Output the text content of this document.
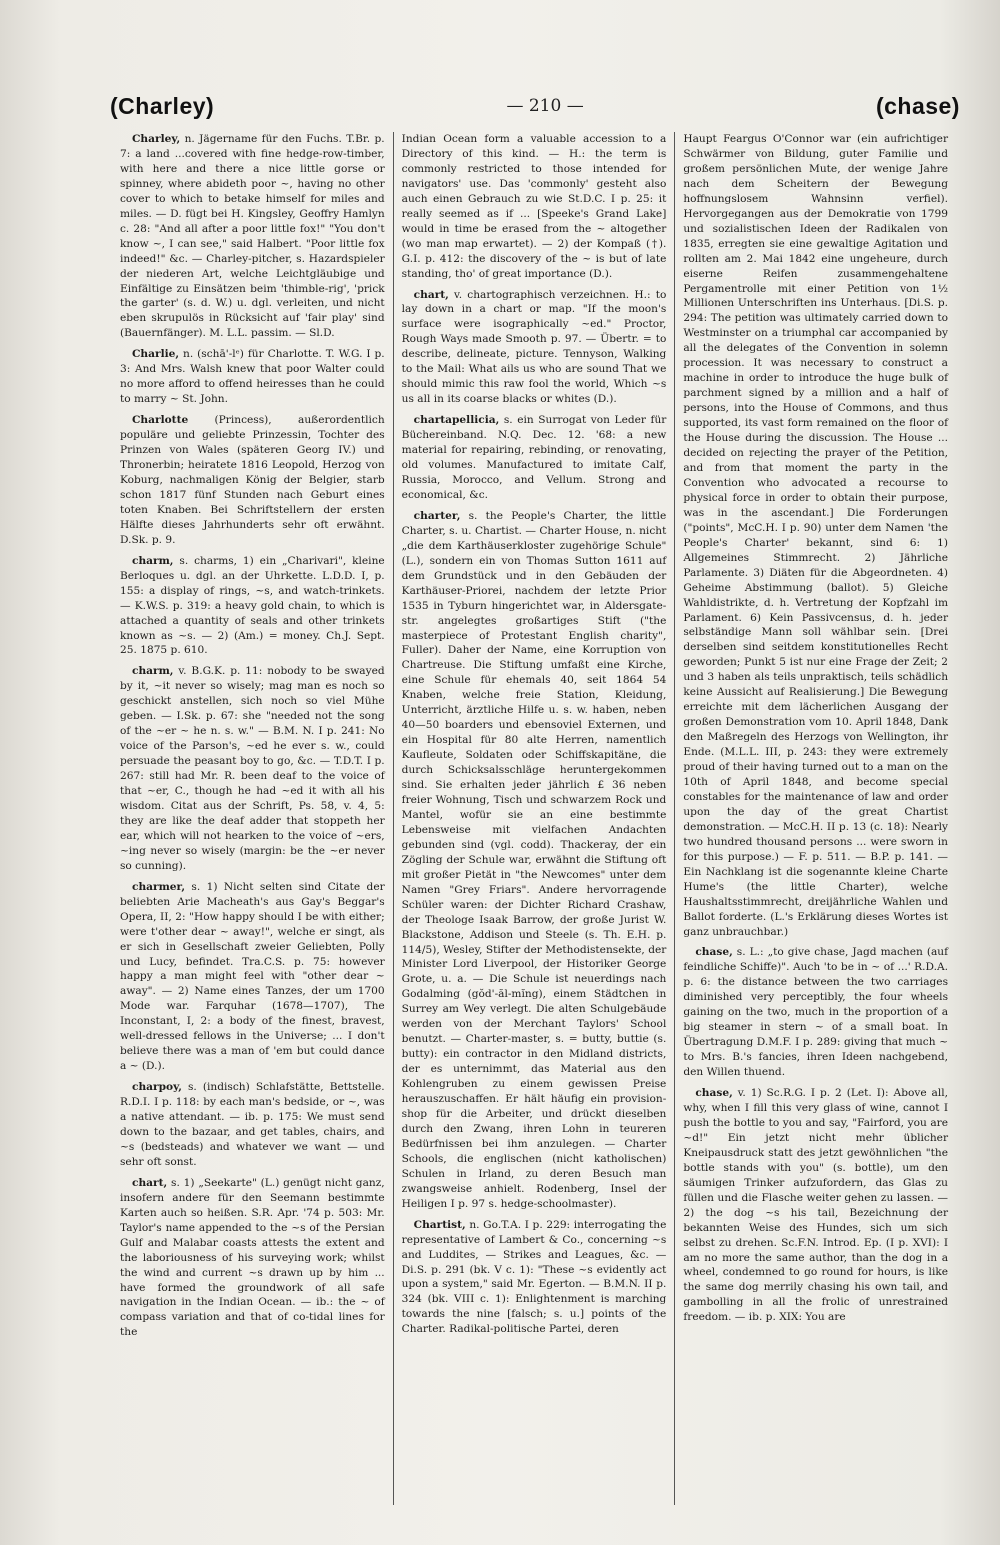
(Charley)	— 210 —	(chase)

Charley, n. Jägername für den Fuchs. T.Br. p. 7: a land ...covered with fine hedge-row-timber, with here and there a nice little gorse or spinney, where abideth poor ~, having no other cover to which to betake himself for miles and miles. — D. fügt bei H. Kingsley, Geoffry Hamlyn c. 28: "And all after a poor little fox!" "You don't know ~, I can see," said Halbert. "Poor little fox indeed!" &c. — Charley-pitcher, s. Hazardspieler der niederen Art, welche Leichtgläubige und Einfältige zu Einsätzen beim 'thimble-rig', 'prick the garter' (s. d. W.) u. dgl. verleiten, und nicht eben skrupulös in Rücksicht auf 'fair play' sind (Bauernfänger). M. L.L. passim. — Sl.D.

Charlie, n. (schā'-lᵉ) für Charlotte. T. W.G. I p. 3: And Mrs. Walsh knew that poor Walter could no more afford to offend heiresses than he could to marry ~ St. John.

Charlotte (Princess), außerordentlich populäre und geliebte Prinzessin, Tochter des Prinzen von Wales (späteren Georg IV.) und Thronerbin; heiratete 1816 Leopold, Herzog von Koburg, nachmaligen König der Belgier, starb schon 1817 fünf Stunden nach Geburt eines toten Knaben. Bei Schriftstellern der ersten Hälfte dieses Jahrhunderts sehr oft erwähnt. D.Sk. p. 9.

charm, s. charms, 1) ein „Charivari", kleine Berloques u. dgl. an der Uhrkette. L.D.D. I, p. 155: a display of rings, ~s, and watch-trinkets. — K.W.S. p. 319: a heavy gold chain, to which is attached a quantity of seals and other trinkets known as ~s. — 2) (Am.) = money. Ch.J. Sept. 25. 1875 p. 610.

charm, v. B.G.K. p. 11: nobody to be swayed by it, ~it never so wisely; mag man es noch so geschickt anstellen, sich noch so viel Mühe geben. — I.Sk. p. 67: she "needed not the song of the ~er ~ he n. s. w." — B.M. N. I p. 241: No voice of the Parson's, ~ed he ever s. w., could persuade the peasant boy to go, &c. — T.D.T. I p. 267: still had Mr. R. been deaf to the voice of that ~er, C., though he had ~ed it with all his wisdom. Citat aus der Schrift, Ps. 58, v. 4, 5: they are like the deaf adder that stoppeth her ear, which will not hearken to the voice of ~ers, ~ing never so wisely (margin: be the ~er never so cunning).

charmer, s. 1) Nicht selten sind Citate der beliebten Arie Macheath's aus Gay's Beggar's Opera, II, 2: "How happy should I be with either; were t'other dear ~ away!", welche er singt, als er sich in Gesellschaft zweier Geliebten, Polly und Lucy, befindet. Tra.C.S. p. 75: however happy a man might feel with "other dear ~ away". — 2) Name eines Tanzes, der um 1700 Mode war. Farquhar (1678—1707), The Inconstant, I, 2: a body of the finest, bravest, well-dressed fellows in the Universe; ... I don't believe there was a man of 'em but could dance a ~ (D.).

charpoy, s. (indisch) Schlafstätte, Bettstelle. R.D.I. I p. 118: by each man's bedside, or ~, was a native attendant. — ib. p. 175: We must send down to the bazaar, and get tables, chairs, and ~s (bedsteads) and whatever we want — und sehr oft sonst.

chart, s. 1) „Seekarte" (L.) genügt nicht ganz, insofern andere für den Seemann bestimmte Karten auch so heißen. S.R. Apr. '74 p. 503: Mr. Taylor's name appended to the ~s of the Persian Gulf and Malabar coasts attests the extent and the laboriousness of his surveying work; whilst the wind and current ~s drawn up by him ... have formed the groundwork of all safe navigation in the Indian Ocean. — ib.: the ~ of compass variation and that of co-tidal lines for the

Indian Ocean form a valuable accession to a Directory of this kind. — H.: the term is commonly restricted to those intended for navigators' use. Das 'commonly' gesteht also auch einen Gebrauch zu wie St.D.C. I p. 25: it really seemed as if ... [Speeke's Grand Lake] would in time be erased from the ~ altogether (wo man map erwartet). — 2) der Kompaß (†). G.I. p. 412: the discovery of the ~ is but of late standing, tho' of great importance (D.).

chart, v. chartographisch verzeichnen. H.: to lay down in a chart or map. "If the moon's surface were isographically ~ed." Proctor, Rough Ways made Smooth p. 97. — Übertr. = to describe, delineate, picture. Tennyson, Walking to the Mail: What ails us who are sound That we should mimic this raw fool the world, Which ~s us all in its coarse blacks or whites (D.).

chartapellicia, s. ein Surrogat von Leder für Büchereinband. N.Q. Dec. 12. '68: a new material for repairing, rebinding, or renovating, old volumes. Manufactured to imitate Calf, Russia, Morocco, and Vellum. Strong and economical, &c.

charter, s. the People's Charter, the little Charter, s. u. Chartist. — Charter House, n. nicht „die dem Karthäuserkloster zugehörige Schule" (L.), sondern ein von Thomas Sutton 1611 auf dem Grundstück und in den Gebäuden der Karthäuser-Priorei, nachdem der letzte Prior 1535 in Tyburn hingerichtet war, in Aldersgate-str. angelegtes großartiges Stift ("the masterpiece of Protestant English charity", Fuller). Daher der Name, eine Korruption von Chartreuse. Die Stiftung umfaßt eine Kirche, eine Schule für ehemals 40, seit 1864 54 Knaben, welche freie Station, Kleidung, Unterricht, ärztliche Hilfe u. s. w. haben, neben 40—50 boarders und ebensoviel Externen, und ein Hospital für 80 alte Herren, namentlich Kaufleute, Soldaten oder Schiffskapitäne, die durch Schicksalsschläge heruntergekommen sind. Sie erhalten jeder jährlich £ 36 neben freier Wohnung, Tisch und schwarzem Rock und Mantel, wofür sie an eine bestimmte Lebensweise mit vielfachen Andachten gebunden sind (vgl. codd). Thackeray, der ein Zögling der Schule war, erwähnt die Stiftung oft mit großer Pietät in "the Newcomes" unter dem Namen "Grey Friars". Andere hervorragende Schüler waren: der Dichter Richard Crashaw, der Theologe Isaak Barrow, der große Jurist W. Blackstone, Addison und Steele (s. Th. E.H. p. 114/5), Wesley, Stifter der Methodistensekte, der Minister Lord Liverpool, der Historiker George Grote, u. a. — Die Schule ist neuerdings nach Godalming (gŏd'-ăl-mĭng), einem Städtchen in Surrey am Wey verlegt. Die alten Schulgebäude werden von der Merchant Taylors' School benutzt. — Charter-master, s. = butty, buttie (s. butty): ein contractor in den Midland districts, der es unternimmt, das Material aus den Kohlengruben zu einem gewissen Preise herauszuschaffen. Er hält häufig ein provision-shop für die Arbeiter, und drückt dieselben durch den Zwang, ihren Lohn in teureren Bedürfnissen bei ihm anzulegen. — Charter Schools, die englischen (nicht katholischen) Schulen in Irland, zu deren Besuch man zwangsweise anhielt. Rodenberg, Insel der Heiligen I p. 97 s. hedge-schoolmaster).

Chartist, n. Go.T.A. I p. 229: interrogating the representative of Lambert & Co., concerning ~s and Luddites, — Strikes and Leagues, &c. — Di.S. p. 291 (bk. V c. 1): "These ~s evidently act upon a system," said Mr. Egerton. — B.M.N. II p. 324 (bk. VIII c. 1): Enlightenment is marching towards the nine [falsch; s. u.] points of the Charter. Radikal-politische Partei, deren

Haupt Feargus O'Connor war (ein aufrichtiger Schwärmer von Bildung, guter Familie und großem persönlichen Mute, der wenige Jahre nach dem Scheitern der Bewegung hoffnungslosem Wahnsinn verfiel). Hervorgegangen aus der Demokratie von 1799 und sozialistischen Ideen der Radikalen von 1835, erregten sie eine gewaltige Agitation und rollten am 2. Mai 1842 eine ungeheure, durch eiserne Reifen zusammengehaltene Pergamentrolle mit einer Petition von 1½ Millionen Unterschriften ins Unterhaus. [Di.S. p. 294: The petition was ultimately carried down to Westminster on a triumphal car accompanied by all the delegates of the Convention in solemn procession. It was necessary to construct a machine in order to introduce the huge bulk of parchment signed by a million and a half of persons, into the House of Commons, and thus supported, its vast form remained on the floor of the House during the discussion. The House ... decided on rejecting the prayer of the Petition, and from that moment the party in the Convention who advocated a recourse to physical force in order to obtain their purpose, was in the ascendant.] Die Forderungen ("points", McC.H. I p. 90) unter dem Namen 'the People's Charter' bekannt, sind 6: 1) Allgemeines Stimmrecht. 2) Jährliche Parlamente. 3) Diäten für die Abgeordneten. 4) Geheime Abstimmung (ballot). 5) Gleiche Wahldistrikte, d. h. Vertretung der Kopfzahl im Parlament. 6) Kein Passivcensus, d. h. jeder selbständige Mann soll wählbar sein. [Drei derselben sind seitdem konstitutionelles Recht geworden; Punkt 5 ist nur eine Frage der Zeit; 2 und 3 haben als teils unpraktisch, teils schädlich keine Aussicht auf Realisierung.] Die Bewegung erreichte mit dem lächerlichen Ausgang der großen Demonstration vom 10. April 1848, Dank den Maßregeln des Herzogs von Wellington, ihr Ende. (M.L.L. III, p. 243: they were extremely proud of their having turned out to a man on the 10th of April 1848, and become special constables for the maintenance of law and order upon the day of the great Chartist demonstration. — McC.H. II p. 13 (c. 18): Nearly two hundred thousand persons ... were sworn in for this purpose.) — F. p. 511. — B.P. p. 141. — Ein Nachklang ist die sogenannte kleine Charte Hume's (the little Charter), welche Haushaltsstimmrecht, dreijährliche Wahlen und Ballot forderte. (L.'s Erklärung dieses Wortes ist ganz unbrauchbar.)

chase, s. L.: „to give chase, Jagd machen (auf feindliche Schiffe)". Auch 'to be in ~ of ...' R.D.A. p. 6: the distance between the two carriages diminished very perceptibly, the four wheels gaining on the two, much in the proportion of a big steamer in stern ~ of a small boat. In Übertragung D.M.F. I p. 289: giving that much ~ to Mrs. B.'s fancies, ihren Ideen nachgebend, den Willen thuend.

chase, v. 1) Sc.R.G. I p. 2 (Let. I): Above all, why, when I fill this very glass of wine, cannot I push the bottle to you and say, "Fairford, you are ~d!" Ein jetzt nicht mehr üblicher Kneipausdruck statt des jetzt gewöhnlichen "the bottle stands with you" (s. bottle), um den säumigen Trinker aufzufordern, das Glas zu füllen und die Flasche weiter gehen zu lassen. — 2) the dog ~s his tail, Bezeichnung der bekannten Weise des Hundes, sich um sich selbst zu drehen. Sc.F.N. Introd. Ep. (I p. XVI): I am no more the same author, than the dog in a wheel, condemned to go round for hours, is like the same dog merrily chasing his own tail, and gambolling in all the frolic of unrestrained freedom. — ib. p. XIX: You are
